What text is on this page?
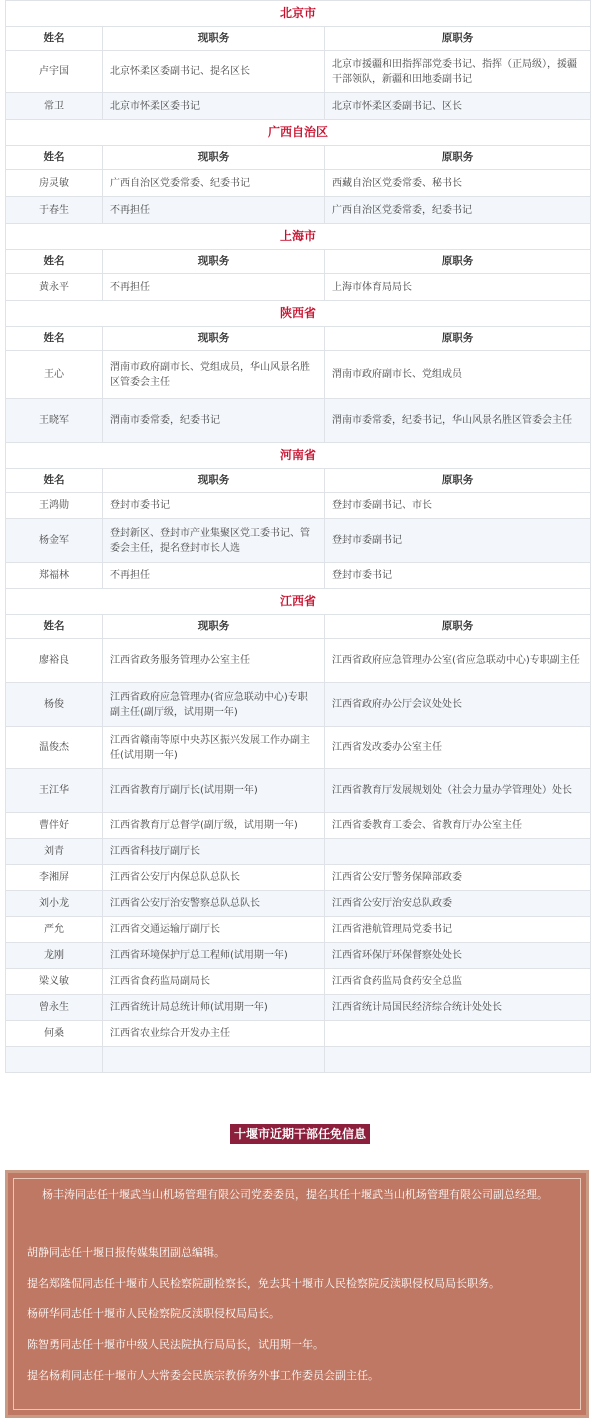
北京市		
姓名	现职务	原职务
卢宇国	北京怀柔区委副书记、提名区长	北京市援疆和田指挥部党委书记、指挥（正局级），援疆干部领队，新疆和田地委副书记
常卫	北京市怀柔区委书记	北京市怀柔区委副书记、区长
广西自治区		
姓名	现职务	原职务
房灵敏	广西自治区党委常委、纪委书记	西藏自治区党委常委、秘书长
于春生	不再担任	广西自治区党委常委，纪委书记
上海市		
姓名	现职务	原职务
黄永平	不再担任	上海市体育局局长
陕西省		
姓名	现职务	原职务
王心	渭南市政府副市长、党组成员，华山风景名胜区管委会主任	渭南市政府副市长、党组成员
王晓军	渭南市委常委，纪委书记	渭南市委常委，纪委书记，华山风景名胜区管委会主任
河南省		
姓名	现职务	原职务
王鸿勋	登封市委书记	登封市委副书记、市长
杨金军	登封新区、登封市产业集聚区党工委书记、管委会主任，提名登封市长人选	登封市委副书记
郑福林	不再担任	登封市委书记
江西省		
姓名	现职务	原职务
廖裕良	江西省政务服务管理办公室主任	江西省政府应急管理办公室(省应急联动中心)专职副主任
杨俊	江西省政府应急管理办(省应急联动中心)专职副主任(副厅级，试用期一年)	江西省政府办公厅会议处处长
温俊杰	江西省赣南等原中央苏区振兴发展工作办副主任(试用期一年)	江西省发改委办公室主任
王江华	江西省教育厅副厅长(试用期一年)	江西省教育厅发展规划处（社会力量办学管理处）处长
曹伴好	江西省教育厅总督学(副厅级，试用期一年)	江西省委教育工委会、省教育厅办公室主任
刘青	江西省科技厅副厅长	
李湘屏	江西省公安厅内保总队总队长	江西省公安厅警务保障部政委
刘小龙	江西省公安厅治安警察总队总队长	江西省公安厅治安总队政委
严允	江西省交通运输厅副厅长	江西省港航管理局党委书记
龙刚	江西省环境保护厅总工程师(试用期一年)	江西省环保厅环保督察处处长
梁义敏	江西省食药监局副局长	江西省食药监局食药安全总监
曾永生	江西省统计局总统计师(试用期一年)	江西省统计局国民经济综合统计处处长
何桑	江西省农业综合开发办主任	

十堰市近期干部任免信息

杨丰涛同志任十堰武当山机场管理有限公司党委委员，提名其任十堰武当山机场管理有限公司副总经理。

胡静同志任十堰日报传媒集团副总编辑。

提名郑隆侃同志任十堰市人民检察院副检察长，免去其十堰市人民检察院反渎职侵权局局长职务。

杨研华同志任十堰市人民检察院反渎职侵权局局长。

陈智勇同志任十堰市中级人民法院执行局局长，试用期一年。

提名杨莉同志任十堰市人大常委会民族宗教侨务外事工作委员会副主任。
